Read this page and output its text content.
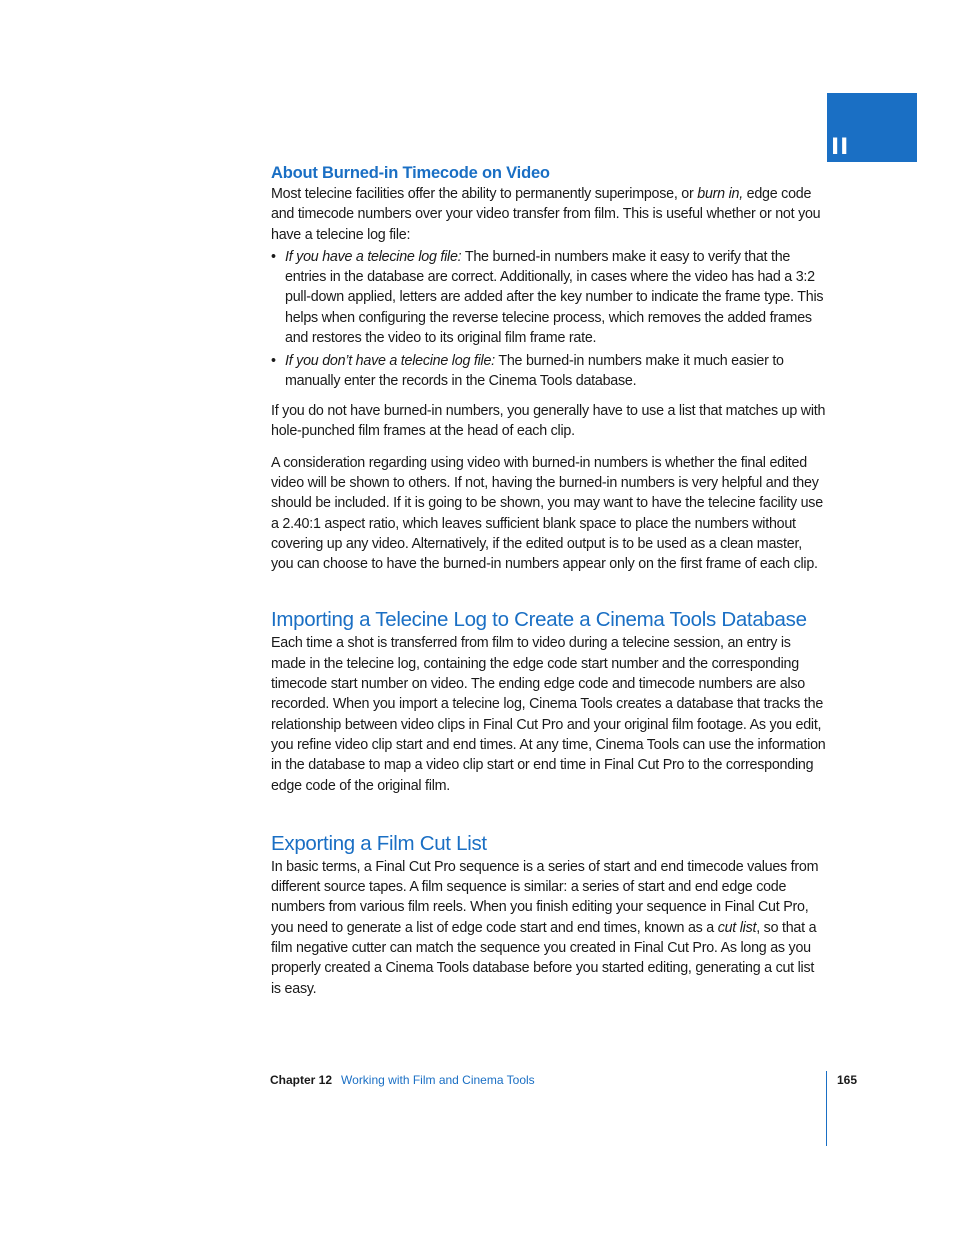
II
About Burned-in Timecode on Video

Most telecine facilities offer the ability to permanently superimpose, or burn in, edge code and timecode numbers over your video transfer from film. This is useful whether or not you have a telecine log file:

• If you have a telecine log file: The burned-in numbers make it easy to verify that the entries in the database are correct. Additionally, in cases where the video has had a 3:2 pull-down applied, letters are added after the key number to indicate the frame type. This helps when configuring the reverse telecine process, which removes the added frames and restores the video to its original film frame rate.
• If you don’t have a telecine log file: The burned-in numbers make it much easier to manually enter the records in the Cinema Tools database.

If you do not have burned-in numbers, you generally have to use a list that matches up with hole-punched film frames at the head of each clip.

A consideration regarding using video with burned-in numbers is whether the final edited video will be shown to others. If not, having the burned-in numbers is very helpful and they should be included. If it is going to be shown, you may want to have the telecine facility use a 2.40:1 aspect ratio, which leaves sufficient blank space to place the numbers without covering up any video. Alternatively, if the edited output is to be used as a clean master, you can choose to have the burned-in numbers appear only on the first frame of each clip.

Importing a Telecine Log to Create a Cinema Tools Database

Each time a shot is transferred from film to video during a telecine session, an entry is made in the telecine log, containing the edge code start number and the corresponding timecode start number on video. The ending edge code and timecode numbers are also recorded. When you import a telecine log, Cinema Tools creates a database that tracks the relationship between video clips in Final Cut Pro and your original film footage. As you edit, you refine video clip start and end times. At any time, Cinema Tools can use the information in the database to map a video clip start or end time in Final Cut Pro to the corresponding edge code of the original film.

Exporting a Film Cut List

In basic terms, a Final Cut Pro sequence is a series of start and end timecode values from different source tapes. A film sequence is similar: a series of start and end edge code numbers from various film reels. When you finish editing your sequence in Final Cut Pro, you need to generate a list of edge code start and end times, known as a cut list, so that a film negative cutter can match the sequence you created in Final Cut Pro. As long as you properly created a Cinema Tools database before you started editing, generating a cut list is easy.

Chapter 12 Working with Film and Cinema Tools	165
